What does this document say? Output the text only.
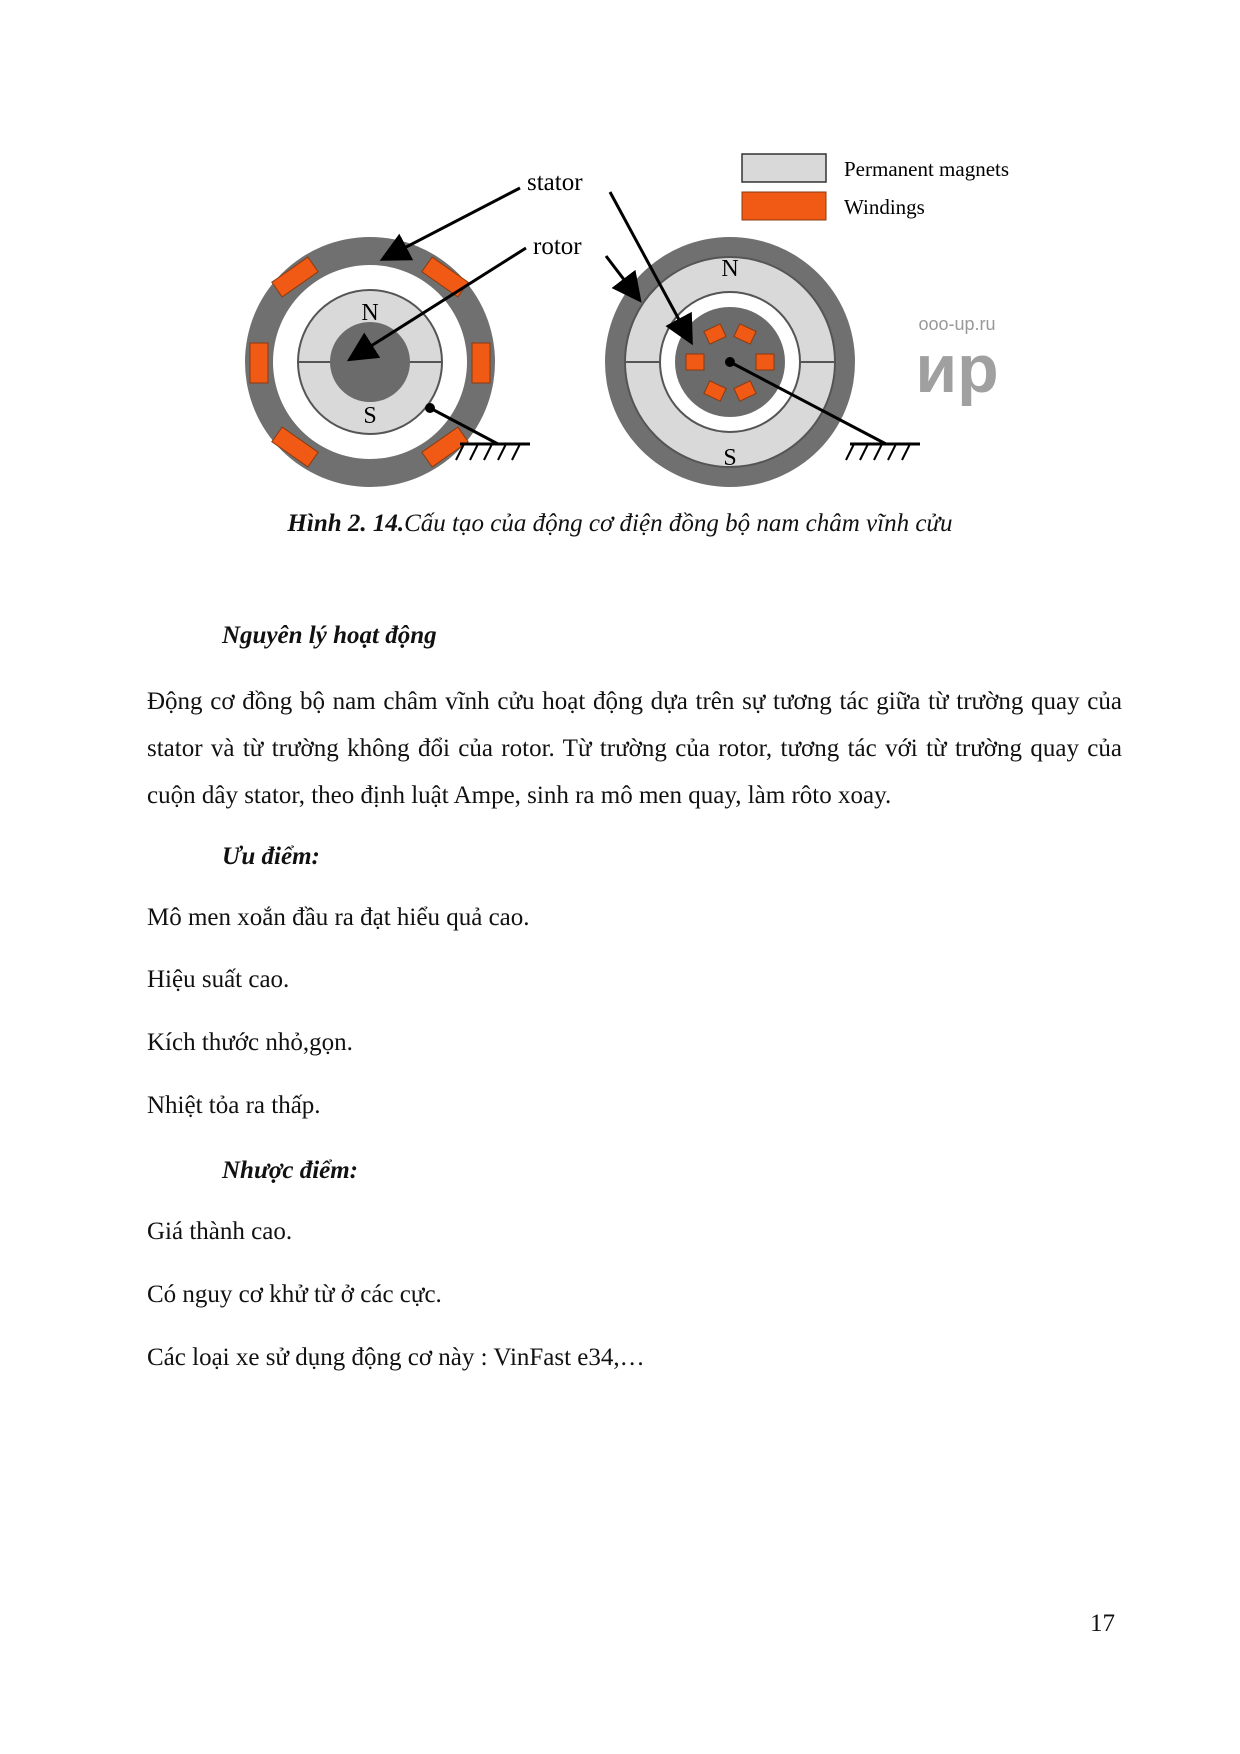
N
S
N
S
stator
rotor
Permanent magnets
Windings
ooo-up.ru
ир
Hình 2. 14.Cấu tạo của động cơ điện đồng bộ nam châm vĩnh cửu
Nguyên lý hoạt động
Động cơ đồng bộ nam châm vĩnh cửu hoạt động dựa trên sự tương tác giữa từ trường quay của stator và từ trường không đổi của rotor. Từ trường của rotor, tương tác với từ trường quay của cuộn dây stator, theo định luật Ampe, sinh ra mô men quay, làm rôto xoay.
Ưu điểm:
Mô men xoắn đầu ra đạt hiểu quả cao.
Hiệu suất cao.
Kích thước nhỏ,gọn.
Nhiệt tỏa ra thấp.
Nhược điểm:
Giá thành cao.
Có nguy cơ khử từ ở các cực.
Các loại xe sử dụng động cơ này : VinFast e34,…
17
